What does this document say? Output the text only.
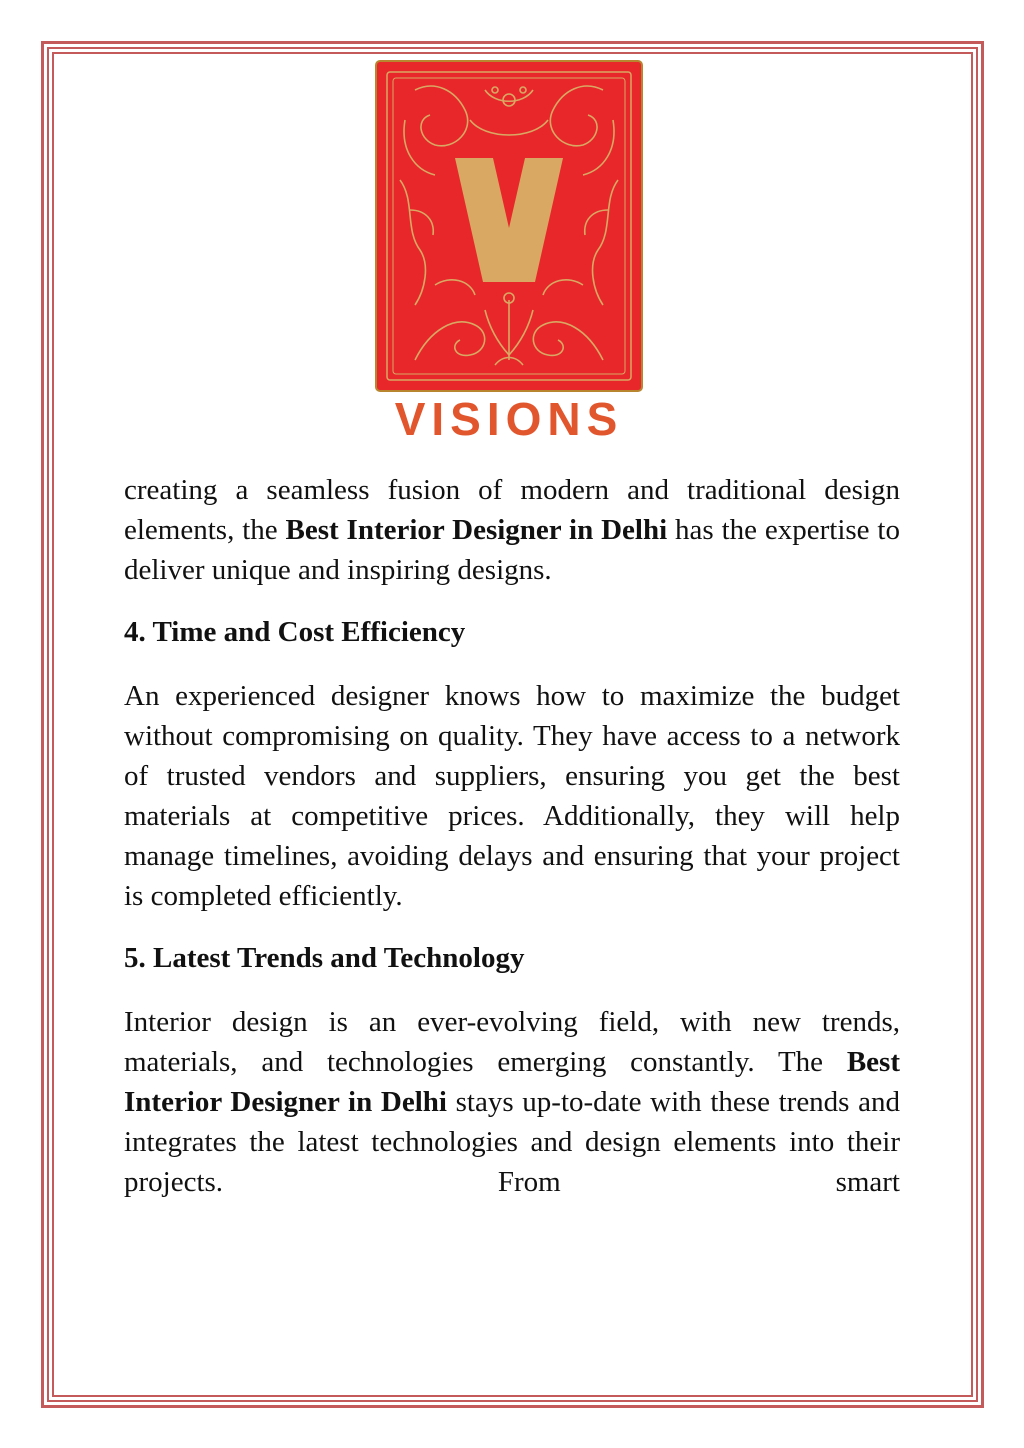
VISIONS

creating a seamless fusion of modern and traditional design elements, the Best Interior Designer in Delhi has the expertise to deliver unique and inspiring designs.

4. Time and Cost Efficiency

An experienced designer knows how to maximize the budget without compromising on quality. They have access to a network of trusted vendors and suppliers, ensuring you get the best materials at competitive prices. Additionally, they will help manage timelines, avoiding delays and ensuring that your project is completed efficiently.

5. Latest Trends and Technology

Interior design is an ever-evolving field, with new trends, materials, and technologies emerging constantly. The Best Interior Designer in Delhi stays up-to-date with these trends and integrates the latest technologies and design elements into their projects. From smart
